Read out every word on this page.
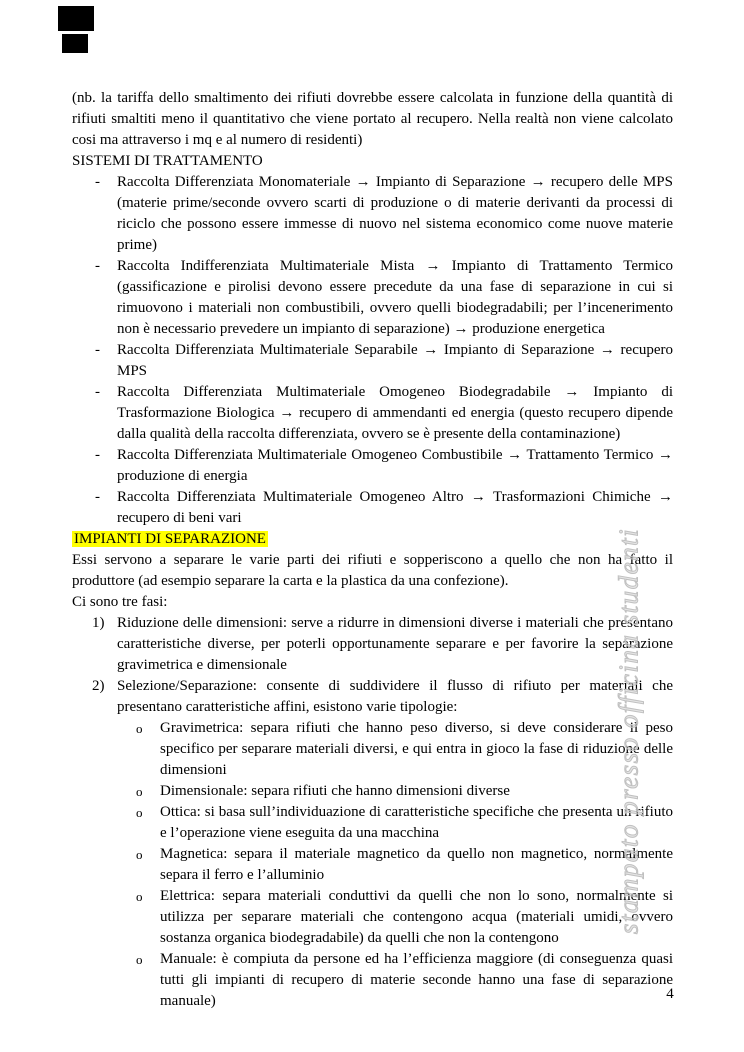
(nb. la tariffa dello smaltimento dei rifiuti dovrebbe essere calcolata in funzione della quantità di rifiuti smaltiti meno il quantitativo che viene portato al recupero. Nella realtà non viene calcolato cosi ma attraverso i mq e al numero di residenti)

SISTEMI DI TRATTAMENTO
- Raccolta Differenziata Monomateriale → Impianto di Separazione → recupero delle MPS (materie prime/seconde ovvero scarti di produzione o di materie derivanti da processi di riciclo che possono essere immesse di nuovo nel sistema economico come nuove materie prime)
- Raccolta Indifferenziata Multimateriale Mista → Impianto di Trattamento Termico (gassificazione e pirolisi devono essere precedute da una fase di separazione in cui si rimuovono i materiali non combustibili, ovvero quelli biodegradabili; per l’incenerimento non è necessario prevedere un impianto di separazione) → produzione energetica
- Raccolta Differenziata Multimateriale Separabile → Impianto di Separazione → recupero MPS
- Raccolta Differenziata Multimateriale Omogeneo Biodegradabile → Impianto di Trasformazione Biologica → recupero di ammendanti ed energia (questo recupero dipende dalla qualità della raccolta differenziata, ovvero se è presente della contaminazione)
- Raccolta Differenziata Multimateriale Omogeneo Combustibile → Trattamento Termico → produzione di energia
- Raccolta Differenziata Multimateriale Omogeneo Altro → Trasformazioni Chimiche → recupero di beni vari
IMPIANTI DI SEPARAZIONE

Essi servono a separare le varie parti dei rifiuti e sopperiscono a quello che non ha fatto il produttore (ad esempio separare la carta e la plastica da una confezione).

Ci sono tre fasi:
1) Riduzione delle dimensioni: serve a ridurre in dimensioni diverse i materiali che presentano caratteristiche diverse, per poterli opportunamente separare e per favorire la separazione gravimetrica e dimensionale
2) Selezione/Separazione: consente di suddividere il flusso di rifiuto per materiali che presentano caratteristiche affini, esistono varie tipologie:
o Gravimetrica: separa rifiuti che hanno peso diverso, si deve considerare il peso specifico per separare materiali diversi, e qui entra in gioco la fase di riduzione delle dimensioni
o Dimensionale: separa rifiuti che hanno dimensioni diverse
o Ottica: si basa sull’individuazione di caratteristiche specifiche che presenta un rifiuto e l’operazione viene eseguita da una macchina
o Magnetica: separa il materiale magnetico da quello non magnetico, normalmente separa il ferro e l’alluminio
o Elettrica: separa materiali conduttivi da quelli che non lo sono, normalmente si utilizza per separare materiali che contengono acqua (materiali umidi, ovvero sostanza organica biodegradabile) da quelli che non la contengono
o Manuale: è compiuta da persone ed ha l’efficienza maggiore (di conseguenza quasi tutti gli impianti di recupero di materie seconde hanno una fase di separazione manuale)
stampato presso officina studenti
4
